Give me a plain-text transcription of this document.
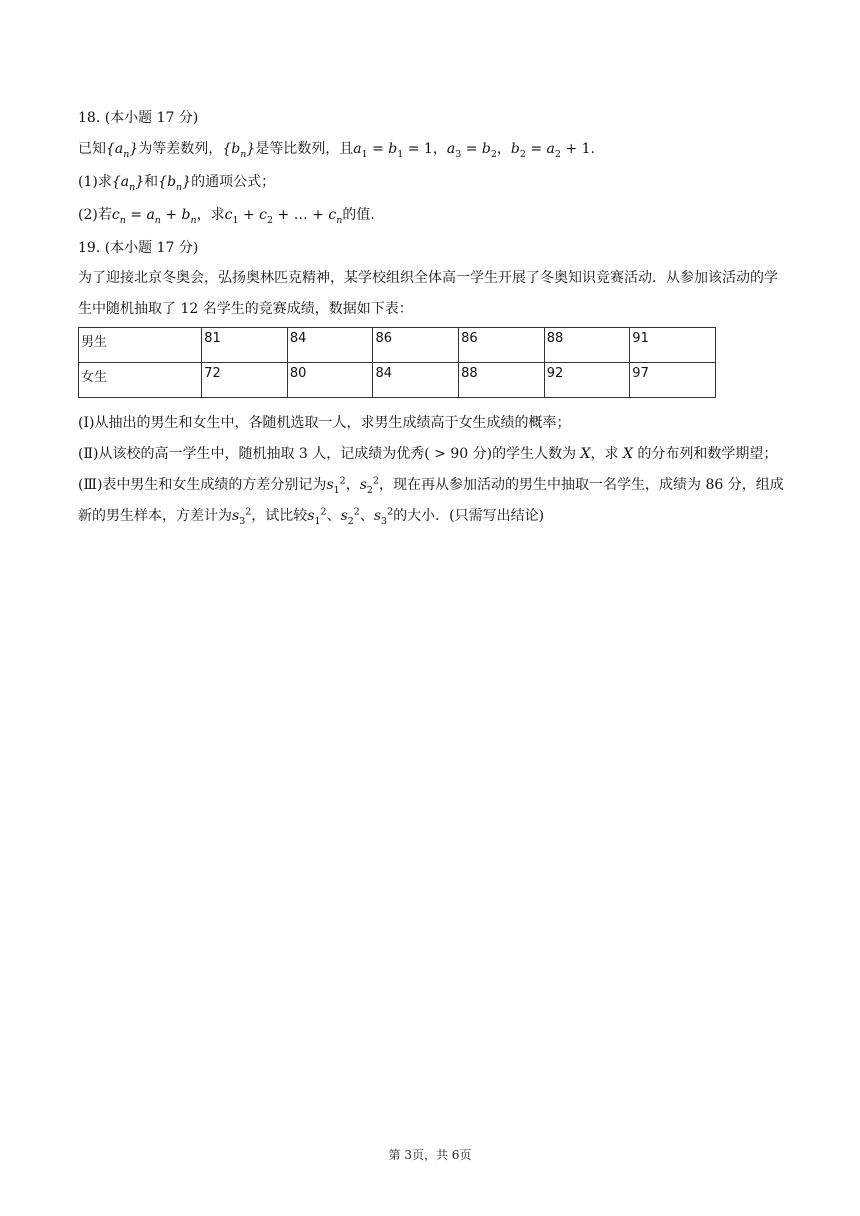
18. (本小题 17 分)

已知$\{a_n\}$为等差数列，$\{b_n\}$是等比数列，且$a_1 = b_1 = 1$，$a_3 = b_2$，$b_2 = a_2 + 1$.

(1)求$\{a_n\}$和$\{b_n\}$的通项公式；

(2)若$c_n = a_n + b_n$，求$c_1 + c_2$ + … + $c_n$的值.

19. (本小题 17 分)

为了迎接北京冬奥会，弘扬奥林匹克精神，某学校组织全体高一学生开展了冬奥知识竞赛活动．从参加该活动的学生中随机抽取了 12 名学生的竞赛成绩，数据如下表：

男生	81	84	86	86	88	91
女生	72	80	84	88	92	97

(Ⅰ)从抽出的男生和女生中，各随机选取一人，求男生成绩高于女生成绩的概率；

(Ⅱ)从该校的高一学生中，随机抽取 3 人，记成绩为优秀( > 90 分)的学生人数为 X，求 X 的分布列和数学期望；

(Ⅲ)表中男生和女生成绩的方差分别记为$s_1^2$，$s_2^2$，现在再从参加活动的男生中抽取一名学生，成绩为 86 分，组成新的男生样本，方差计为$s_3^2$，试比较$s_1^2$、$s_2^2$、$s_3^2$的大小．(只需写出结论)

第 3页，共 6页
